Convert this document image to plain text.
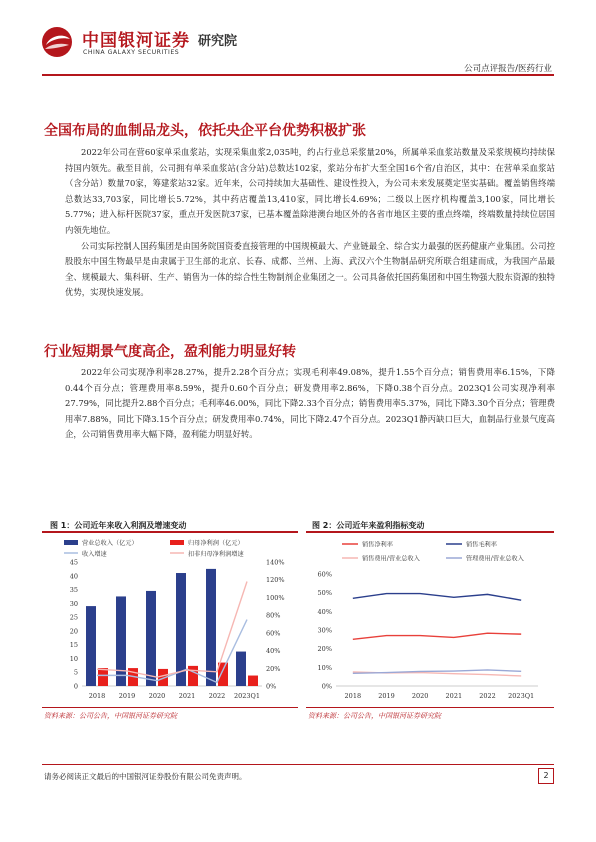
中国银河证券 研究院
CHINA GALAXY SECURITIES
公司点评报告/医药行业
全国布局的血制品龙头，依托央企平台优势积极扩张

2022年公司在营60家单采血浆站，实现采集血浆2,035吨，约占行业总采浆量20%，所属单采血浆站数量及采浆规模均持续保持国内领先。截至目前，公司拥有单采血浆站(含分站)总数达102家，浆站分布扩大至全国16个省/自治区，其中：在营单采血浆站（含分站）数量70家，筹建浆站32家。近年来，公司持续加大基础性、建设性投入，为公司未来发展奠定坚实基础。覆盖销售终端总数达33,703家，同比增长5.72%，其中药店覆盖13,410家，同比增长4.69%；二级以上医疗机构覆盖3,100家，同比增长5.77%；进入标杆医院37家，重点开发医院37家，已基本覆盖除港澳台地区外的各省市地区主要的重点终端，终端数量持续位居国内领先地位。

公司实际控制人国药集团是由国务院国资委直接管理的中国规模最大、产业链最全、综合实力最强的医药健康产业集团。公司控股股东中国生物最早是由隶属于卫生部的北京、长春、成都、兰州、上海、武汉六个生物制品研究所联合组建而成，为我国产品最全、规模最大、集科研、生产、销售为一体的综合性生物制剂企业集团之一。公司具备依托国药集团和中国生物强大股东资源的独特优势，实现快速发展。

行业短期景气度高企，盈利能力明显好转

2022年公司实现净利率28.27%，提升2.28个百分点；实现毛利率49.08%，提升1.55个百分点；销售费用率6.15%，下降0.44个百分点；管理费用率8.59%，提升0.60个百分点；研发费用率2.86%，下降0.38个百分点。2023Q1公司实现净利率27.79%，同比提升2.88个百分点；毛利率46.00%，同比下降2.33个百分点；销售费用率5.37%，同比下降3.30个百分点；管理费用率7.88%，同比下降3.15个百分点；研发费用率0.74%，同比下降2.47个百分点。2023Q1静丙缺口巨大，血制品行业景气度高企，公司销售费用率大幅下降，盈利能力明显好转。

图 1：公司近年来收入利润及增速变动
营业总收入（亿元）	归母净利润（亿元）
收入增速	扣非归母净利润增速
0
5
10
15
20
25
30
35
40
45
0%
20%
40%
60%
80%
100%
120%
140%
2018 2019 2020 2021 2022 2023Q1
资料来源：公司公告，中国银河证券研究院
图 2：公司近年来盈利指标变动
销售净利率	销售毛利率
销售费用/营业总收入	管理费用/营业总收入
0%
10%
20%
30%
40%
50%
60%
2018	2019	2020	2021	2022 2023Q1
资料来源：公司公告，中国银河证券研究院
请务必阅读正文最后的中国银河证券股份有限公司免责声明。	2
